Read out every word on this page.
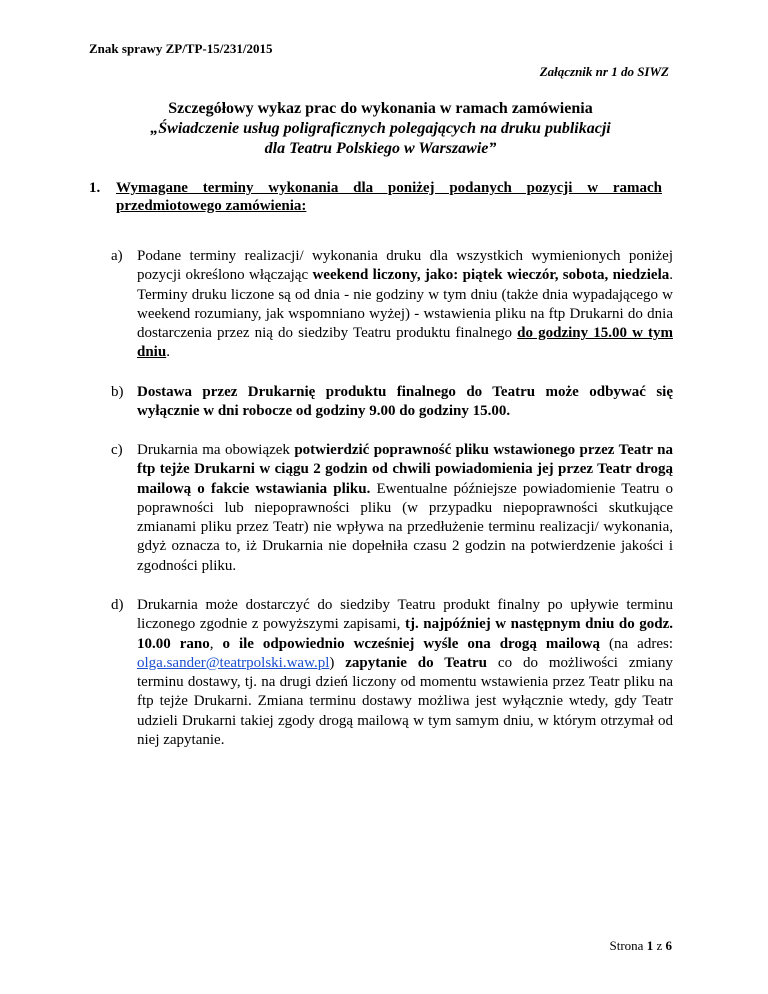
Znak sprawy ZP/TP-15/231/2015
Załącznik nr 1 do SIWZ
Szczegółowy wykaz prac do wykonania w ramach zamówienia
„Świadczenie usług poligraficznych polegających na druku publikacji
dla Teatru Polskiego w Warszawie”
1. Wymagane terminy wykonania dla poniżej podanych pozycji w ramach
przedmiotowego zamówienia:
a) Podane terminy realizacji/ wykonania druku dla wszystkich wymienionych poniżej pozycji określono włączając weekend liczony, jako: piątek wieczór, sobota, niedziela. Terminy druku liczone są od dnia - nie godziny w tym dniu (także dnia wypadającego w weekend rozumiany, jak wspomniano wyżej) - wstawienia pliku na ftp Drukarni do dnia dostarczenia przez nią do siedziby Teatru produktu finalnego do godziny 15.00 w tym dniu.
b) Dostawa przez Drukarnię produktu finalnego do Teatru może odbywać się wyłącznie w dni robocze od godziny 9.00 do godziny 15.00.
c) Drukarnia ma obowiązek potwierdzić poprawność pliku wstawionego przez Teatr na ftp tejże Drukarni w ciągu 2 godzin od chwili powiadomienia jej przez Teatr drogą mailową o fakcie wstawiania pliku. Ewentualne późniejsze powiadomienie Teatru o poprawności lub niepoprawności pliku (w przypadku niepoprawności skutkujące zmianami pliku przez Teatr) nie wpływa na przedłużenie terminu realizacji/ wykonania, gdyż oznacza to, iż Drukarnia nie dopełniła czasu 2 godzin na potwierdzenie jakości i zgodności pliku.
d) Drukarnia może dostarczyć do siedziby Teatru produkt finalny po upływie terminu liczonego zgodnie z powyższymi zapisami, tj. najpóźniej w następnym dniu do godz. 10.00 rano, o ile odpowiednio wcześniej wyśle ona drogą mailową (na adres: olga.sander@teatrpolski.waw.pl) zapytanie do Teatru co do możliwości zmiany terminu dostawy, tj. na drugi dzień liczony od momentu wstawienia przez Teatr pliku na ftp tejże Drukarni. Zmiana terminu dostawy możliwa jest wyłącznie wtedy, gdy Teatr udzieli Drukarni takiej zgody drogą mailową w tym samym dniu, w którym otrzymał od niej zapytanie.
Strona 1 z 6
